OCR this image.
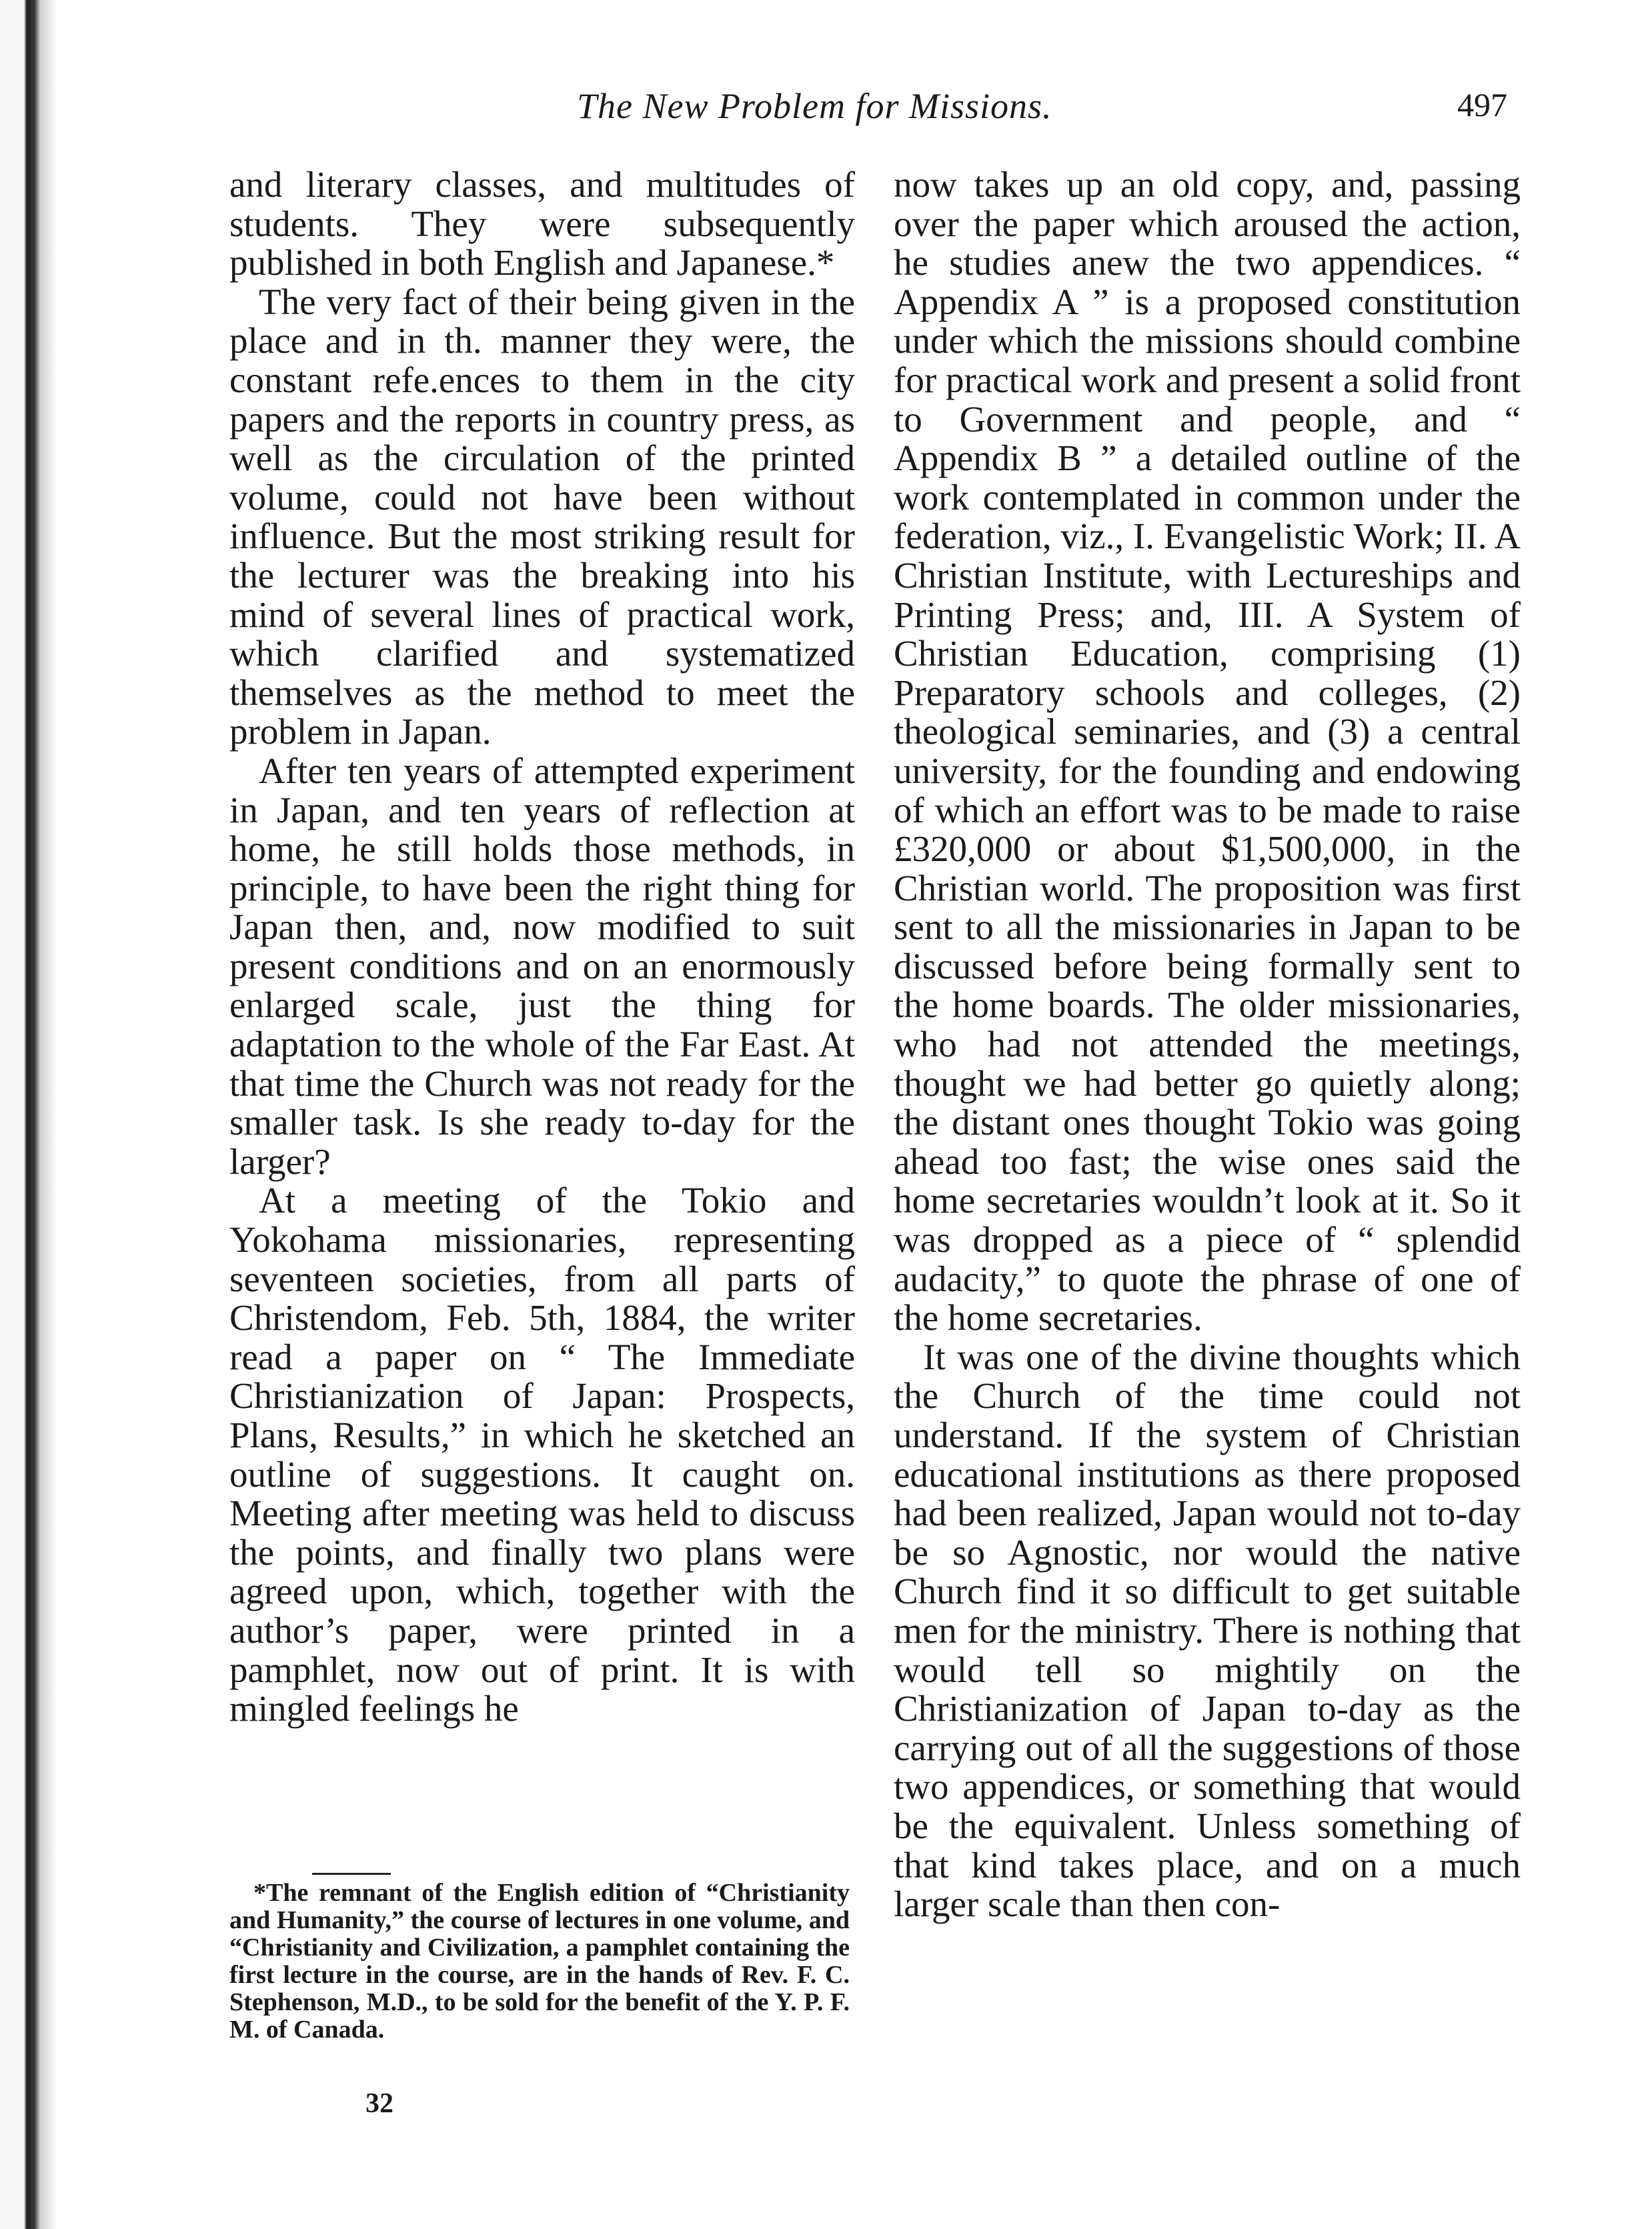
The New Problem for Missions.	497

and literary classes, and multitudes of students. They were subsequently published in both English and Japanese.*

The very fact of their being given in the place and in th. manner they were, the constant refe.ences to them in the city papers and the reports in country press, as well as the circulation of the printed volume, could not have been without influence. But the most striking result for the lecturer was the breaking into his mind of several lines of practical work, which clarified and systematized themselves as the method to meet the problem in Japan.

After ten years of attempted experiment in Japan, and ten years of reflection at home, he still holds those methods, in principle, to have been the right thing for Japan then, and, now modified to suit present conditions and on an enormously enlarged scale, just the thing for adaptation to the whole of the Far East. At that time the Church was not ready for the smaller task. Is she ready to-day for the larger?

At a meeting of the Tokio and Yokohama missionaries, representing seventeen societies, from all parts of Christendom, Feb. 5th, 1884, the writer read a paper on “ The Immediate Christianization of Japan: Prospects, Plans, Results,” in which he sketched an outline of suggestions. It caught on. Meeting after meeting was held to discuss the points, and finally two plans were agreed upon, which, together with the author’s paper, were printed in a pamphlet, now out of print. It is with mingled feelings he

*The remnant of the English edition of “Christianity and Humanity,” the course of lectures in one volume, and “Christianity and Civilization, a pamphlet containing the first lecture in the course, are in the hands of Rev. F. C. Stephenson, M.D., to be sold for the benefit of the Y. P. F. M. of Canada.
32

now takes up an old copy, and, passing over the paper which aroused the action, he studies anew the two appendices. “ Appendix A ” is a proposed constitution under which the missions should combine for practical work and present a solid front to Government and people, and “ Appendix B ” a detailed outline of the work contemplated in common under the federation, viz., I. Evangelistic Work; II. A Christian Institute, with Lectureships and Printing Press; and, III. A System of Christian Education, comprising (1) Preparatory schools and colleges, (2) theological seminaries, and (3) a central university, for the founding and endowing of which an effort was to be made to raise £320,000 or about $1,500,000, in the Christian world. The proposition was first sent to all the missionaries in Japan to be discussed before being formally sent to the home boards. The older missionaries, who had not attended the meetings, thought we had better go quietly along; the distant ones thought Tokio was going ahead too fast; the wise ones said the home secretaries wouldn’t look at it. So it was dropped as a piece of “ splendid audacity,” to quote the phrase of one of the home secretaries.

It was one of the divine thoughts which the Church of the time could not understand. If the system of Christian educational institutions as there proposed had been realized, Japan would not to-day be so Agnostic, nor would the native Church find it so difficult to get suitable men for the ministry. There is nothing that would tell so mightily on the Christianization of Japan to-day as the carrying out of all the suggestions of those two appendices, or something that would be the equivalent. Unless something of that kind takes place, and on a much larger scale than then con-
